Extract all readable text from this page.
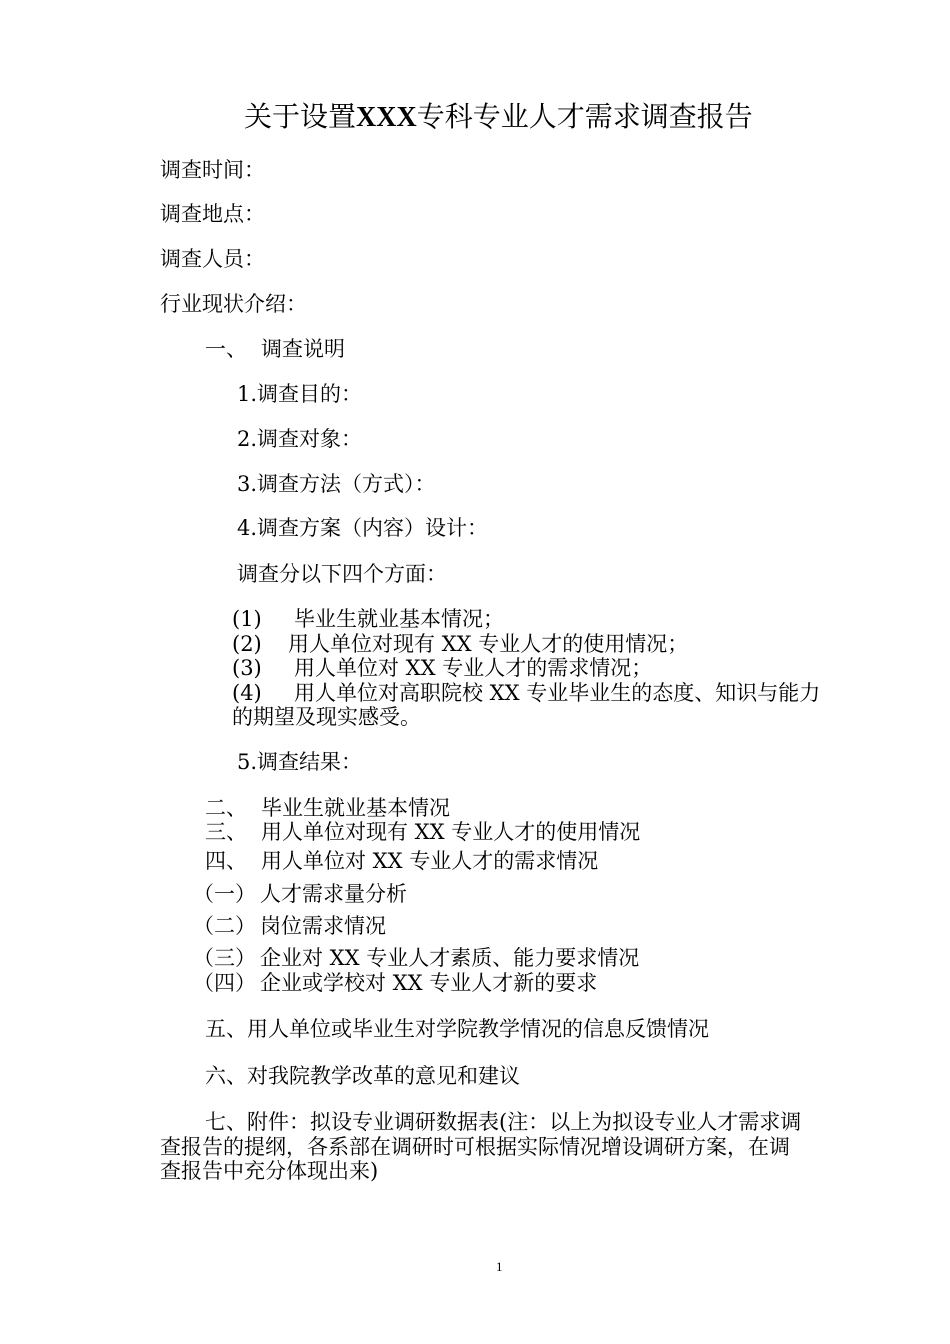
关于设置XXX专科专业人才需求调查报告
调查时间：
调查地点：
调查人员：
行业现状介绍：
一、 调查说明
1.调查目的：
2.调查对象：
3.调查方法（方式）：
4.调查方案（内容）设计：
调查分以下四个方面：
(1) 毕业生就业基本情况；
(2) 用人单位对现有 XX 专业人才的使用情况；
(3) 用人单位对 XX 专业人才的需求情况；
(4) 用人单位对高职院校 XX 专业毕业生的态度、知识与能力
的期望及现实感受。
5.调查结果：
二、 毕业生就业基本情况
三、 用人单位对现有 XX 专业人才的使用情况
四、 用人单位对 XX 专业人才的需求情况
（一） 人才需求量分析
（二） 岗位需求情况
（三） 企业对 XX 专业人才素质、能力要求情况
（四） 企业或学校对 XX 专业人才新的要求
五、用人单位或毕业生对学院教学情况的信息反馈情况
六、对我院教学改革的意见和建议
七、附件：拟设专业调研数据表(注：以上为拟设专业人才需求调
查报告的提纲，各系部在调研时可根据实际情况增设调研方案，在调
查报告中充分体现出来)
1
